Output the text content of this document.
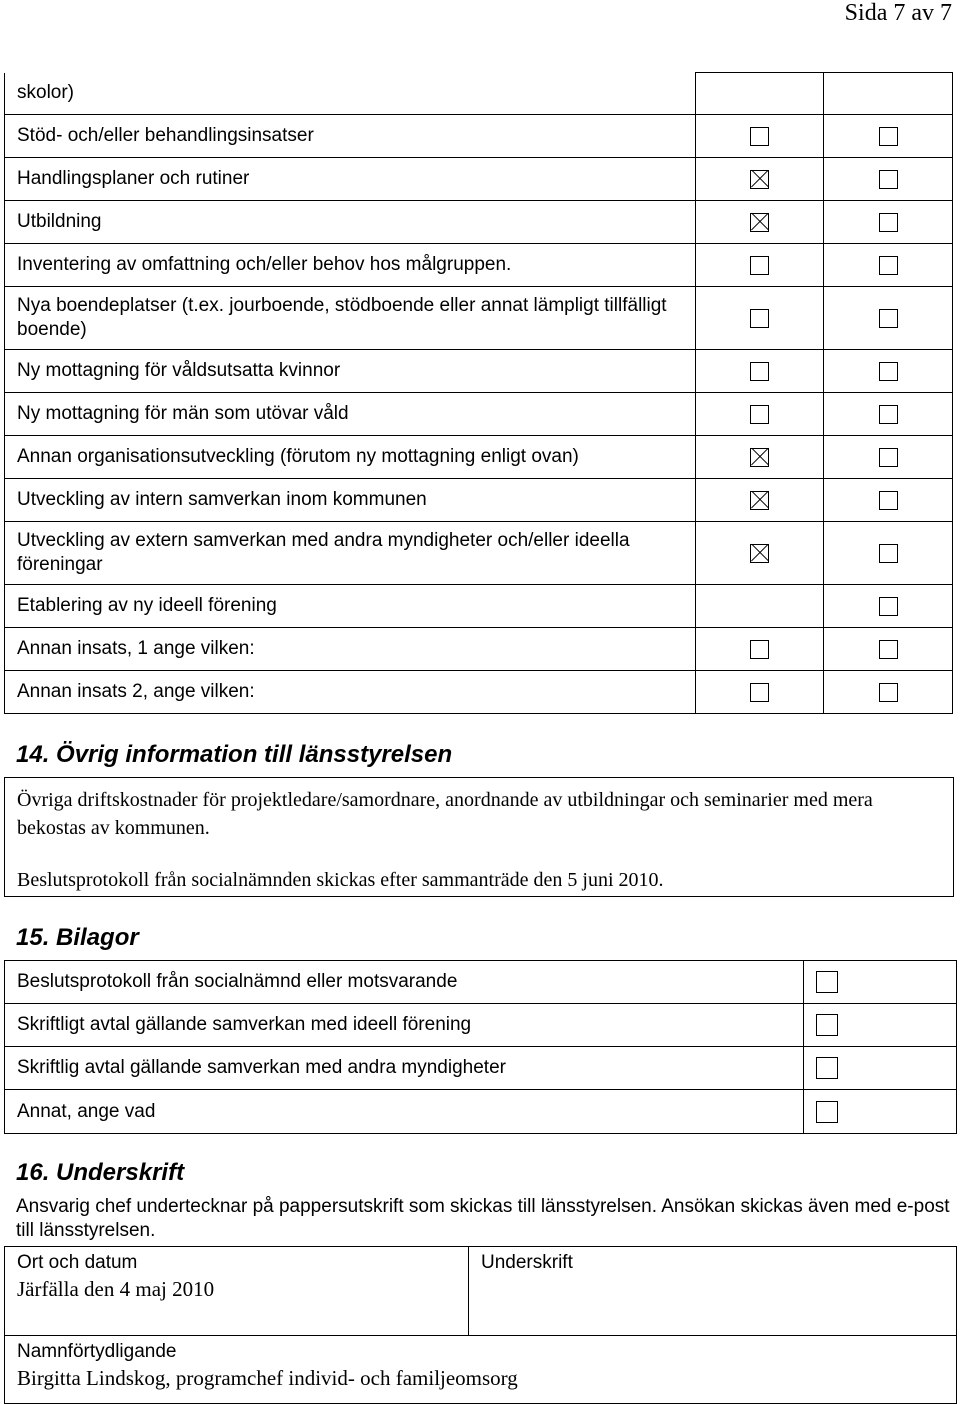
Sida 7 av 7
skolor)		
Stöd- och/eller behandlingsinsatser		
Handlingsplaner och rutiner		
Utbildning		
Inventering av omfattning och/eller behov hos målgruppen.		
Nya boendeplatser (t.ex. jourboende, stödboende eller annat lämpligt tillfälligt boende)		
Ny mottagning för våldsutsatta kvinnor		
Ny mottagning för män som utövar våld		
Annan organisationsutveckling (förutom ny mottagning enligt ovan)		
Utveckling av intern samverkan inom kommunen		
Utveckling av extern samverkan med andra myndigheter och/eller ideella föreningar		
Etablering av ny ideell förening		
Annan insats, 1 ange vilken:		
Annan insats 2, ange vilken:		
14. Övrig information till länsstyrelsen

Övriga driftskostnader för projektledare/samordnare, anordnande av utbildningar och seminarier med mera bekostas av kommunen.

Beslutsprotokoll från socialnämnden skickas efter sammanträde den 5 juni 2010.

15. Bilagor
Beslutsprotokoll från socialnämnd eller motsvarande	
Skriftligt avtal gällande samverkan med ideell förening	
Skriftlig avtal gällande samverkan med andra myndigheter	
Annat, ange vad	
16. Underskrift
Ansvarig chef undertecknar på pappersutskrift som skickas till länsstyrelsen. Ansökan skickas även med e-post till länsstyrelsen.
Ort och datum
Järfälla den 4 maj 2010

Underskrift

Namnförtydligande
Birgitta Lindskog, programchef individ- och familjeomsorg
